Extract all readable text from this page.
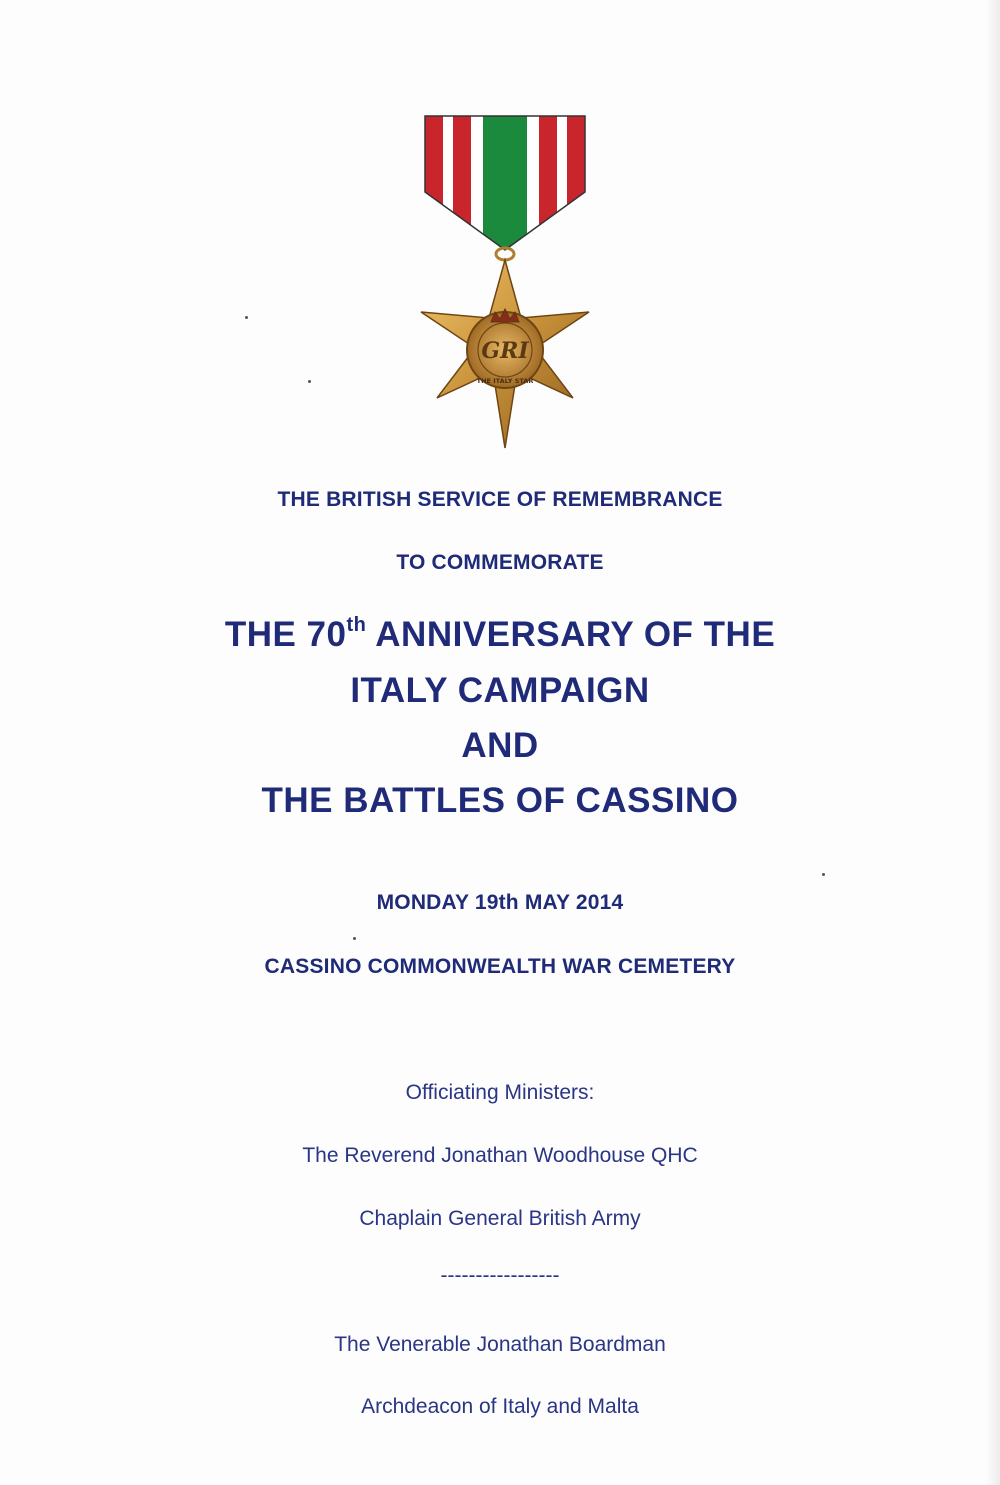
GRI
THE ITALY STAR
THE BRITISH SERVICE OF REMEMBRANCE
TO COMMEMORATE
THE 70th ANNIVERSARY OF THE
ITALY CAMPAIGN
AND
THE BATTLES OF CASSINO
MONDAY 19th MAY 2014
CASSINO COMMONWEALTH WAR CEMETERY
Officiating Ministers:
The Reverend Jonathan Woodhouse QHC
Chaplain General British Army
-----------------
The Venerable Jonathan Boardman
Archdeacon of Italy and Malta
